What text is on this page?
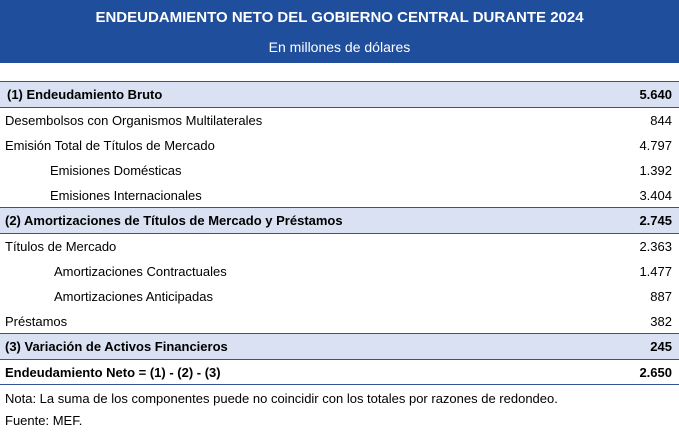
ENDEUDAMIENTO NETO DEL GOBIERNO CENTRAL DURANTE 2024
En millones de dólares
(1) Endeudamiento Bruto	5.640
Desembolsos con Organismos Multilaterales	844
Emisión Total de Títulos de Mercado	4.797
Emisiones Domésticas	1.392
Emisiones Internacionales	3.404
(2) Amortizaciones de Títulos de Mercado y Préstamos	2.745
Títulos de Mercado	2.363
Amortizaciones Contractuales	1.477
Amortizaciones Anticipadas	887
Préstamos	382
(3) Variación de Activos Financieros	245
Endeudamiento Neto = (1) - (2) - (3)	2.650
Nota: La suma de los componentes puede no coincidir con los totales por razones de redondeo.
Fuente: MEF.
